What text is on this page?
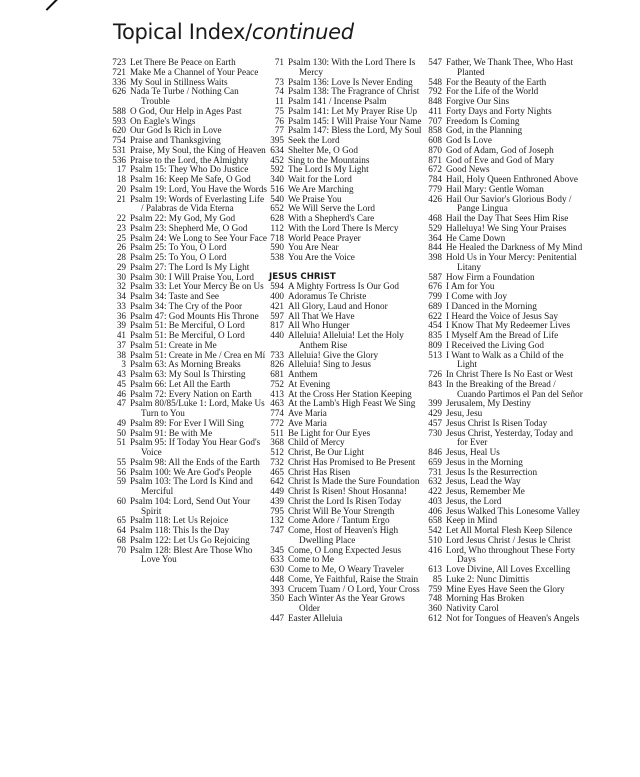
Topical Index/continued
723 Let There Be Peace on Earth
721 Make Me a Channel of Your Peace
336 My Soul in Stillness Waits
626 Nada Te Turbe / Nothing Can Trouble
588 O God, Our Help in Ages Past
593 On Eagle's Wings
620 Our God Is Rich in Love
754 Praise and Thanksgiving
531 Praise, My Soul, the King of Heaven
536 Praise to the Lord, the Almighty
17 Psalm 15: They Who Do Justice
18 Psalm 16: Keep Me Safe, O God
20 Psalm 19: Lord, You Have the Words
21 Psalm 19: Words of Everlasting Life / Palabras de Vida Eterna
22 Psalm 22: My God, My God
23 Psalm 23: Shepherd Me, O God
25 Psalm 24: We Long to See Your Face
26 Psalm 25: To You, O Lord
28 Psalm 25: To You, O Lord
29 Psalm 27: The Lord Is My Light
30 Psalm 30: I Will Praise You, Lord
32 Psalm 33: Let Your Mercy Be on Us
34 Psalm 34: Taste and See
33 Psalm 34: The Cry of the Poor
36 Psalm 47: God Mounts His Throne
39 Psalm 51: Be Merciful, O Lord
41 Psalm 51: Be Merciful, O Lord
37 Psalm 51: Create in Me
38 Psalm 51: Create in Me / Crea en Mí
3 Psalm 63: As Morning Breaks
43 Psalm 63: My Soul Is Thirsting
45 Psalm 66: Let All the Earth
46 Psalm 72: Every Nation on Earth
47 Psalm 80/85/Luke 1: Lord, Make Us Turn to You
49 Psalm 89: For Ever I Will Sing
50 Psalm 91: Be with Me
51 Psalm 95: If Today You Hear God's Voice
55 Psalm 98: All the Ends of the Earth
56 Psalm 100: We Are God's People
59 Psalm 103: The Lord Is Kind and Merciful
60 Psalm 104: Lord, Send Out Your Spirit
65 Psalm 118: Let Us Rejoice
64 Psalm 118: This Is the Day
68 Psalm 122: Let Us Go Rejoicing
70 Psalm 128: Blest Are Those Who Love You
71 Psalm 130: With the Lord There Is Mercy
73 Psalm 136: Love Is Never Ending
74 Psalm 138: The Fragrance of Christ
11 Psalm 141 / Incense Psalm
75 Psalm 141: Let My Prayer Rise Up
76 Psalm 145: I Will Praise Your Name
77 Psalm 147: Bless the Lord, My Soul
395 Seek the Lord
634 Shelter Me, O God
452 Sing to the Mountains
592 The Lord Is My Light
340 Wait for the Lord
516 We Are Marching
540 We Praise You
652 We Will Serve the Lord
628 With a Shepherd's Care
112 With the Lord There Is Mercy
718 World Peace Prayer
590 You Are Near
538 You Are the Voice
JESUS CHRIST
594 A Mighty Fortress Is Our God
400 Adoramus Te Christe
421 All Glory, Laud and Honor
597 All That We Have
817 All Who Hunger
440 Alleluia! Alleluia! Let the Holy Anthem Rise
733 Alleluia! Give the Glory
826 Alleluia! Sing to Jesus
681 Anthem
752 At Evening
413 At the Cross Her Station Keeping
463 At the Lamb's High Feast We Sing
774 Ave Maria
772 Ave Maria
511 Be Light for Our Eyes
368 Child of Mercy
512 Christ, Be Our Light
732 Christ Has Promised to Be Present
465 Christ Has Risen
642 Christ Is Made the Sure Foundation
449 Christ Is Risen! Shout Hosanna!
439 Christ the Lord Is Risen Today
795 Christ Will Be Your Strength
132 Come Adore / Tantum Ergo
747 Come, Host of Heaven's High Dwelling Place
345 Come, O Long Expected Jesus
633 Come to Me
630 Come to Me, O Weary Traveler
448 Come, Ye Faithful, Raise the Strain
393 Crucem Tuam / O Lord, Your Cross
350 Each Winter As the Year Grows Older
447 Easter Alleluia
547 Father, We Thank Thee, Who Hast Planted
548 For the Beauty of the Earth
792 For the Life of the World
848 Forgive Our Sins
411 Forty Days and Forty Nights
707 Freedom Is Coming
858 God, in the Planning
608 God Is Love
870 God of Adam, God of Joseph
871 God of Eve and God of Mary
672 Good News
784 Hail, Holy Queen Enthroned Above
779 Hail Mary: Gentle Woman
426 Hail Our Savior's Glorious Body / Pange Lingua
468 Hail the Day That Sees Him Rise
529 Halleluya! We Sing Your Praises
364 He Came Down
844 He Healed the Darkness of My Mind
398 Hold Us in Your Mercy: Penitential Litany
587 How Firm a Foundation
676 I Am for You
799 I Come with Joy
689 I Danced in the Morning
622 I Heard the Voice of Jesus Say
454 I Know That My Redeemer Lives
835 I Myself Am the Bread of Life
809 I Received the Living God
513 I Want to Walk as a Child of the Light
726 In Christ There Is No East or West
843 In the Breaking of the Bread / Cuando Partimos el Pan del Señor
399 Jerusalem, My Destiny
429 Jesu, Jesu
457 Jesus Christ Is Risen Today
730 Jesus Christ, Yesterday, Today and for Ever
846 Jesus, Heal Us
659 Jesus in the Morning
731 Jesus Is the Resurrection
632 Jesus, Lead the Way
422 Jesus, Remember Me
403 Jesus, the Lord
406 Jesus Walked This Lonesome Valley
658 Keep in Mind
542 Let All Mortal Flesh Keep Silence
510 Lord Jesus Christ / Jesus le Christ
416 Lord, Who throughout These Forty Days
613 Love Divine, All Loves Excelling
85 Luke 2: Nunc Dimittis
759 Mine Eyes Have Seen the Glory
748 Morning Has Broken
360 Nativity Carol
612 Not for Tongues of Heaven's Angels
